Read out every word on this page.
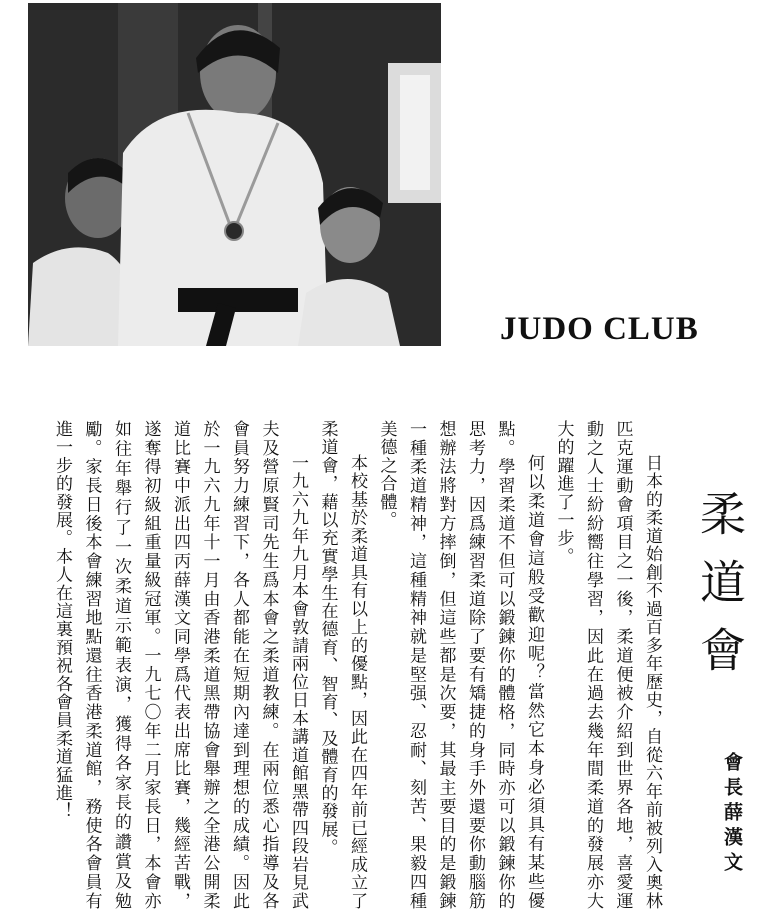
JUDO CLUB
柔道會
會長薛漢文

日本的柔道始創不過百多年歷史，自從六年前被列入奧林匹克運動會項目之一後，柔道便被介紹到世界各地，喜愛運動之人士紛紛嚮往學習，因此在過去幾年間柔道的發展亦大大的躍進了一步。

何以柔道會這般受歡迎呢？當然它本身必須具有某些優點。學習柔道不但可以鍛鍊你的體格，同時亦可以鍛鍊你的思考力，因爲練習柔道除了要有矯捷的身手外還要你動腦筋想辦法將對方摔倒，但這些都是次要，其最主要目的是鍛鍊一種柔道精神，這種精神就是堅强、忍耐、刻苦、果毅四種美德之合體。

本校基於柔道具有以上的優點，因此在四年前已經成立了柔道會，藉以充實學生在德育、智育、及體育的發展。

一九六九年九月本會敦請兩位日本講道館黑帶四段岩見武夫及營原賢司先生爲本會之柔道教練。在兩位悉心指導及各會員努力練習下，各人都能在短期內達到理想的成績。因此於一九六九年十一月由香港柔道黑帶協會舉辦之全港公開柔道比賽中派出四丙薛漢文同學爲代表出席比賽，幾經苦戰，遂奪得初級組重量級冠軍。一九七〇年二月家長日，本會亦如往年舉行了一次柔道示範表演，獲得各家長的讚賞及勉勵。家長日後本會練習地點還往香港柔道館，務使各會員有進一步的發展。本人在這裏預祝各會員柔道猛進！
